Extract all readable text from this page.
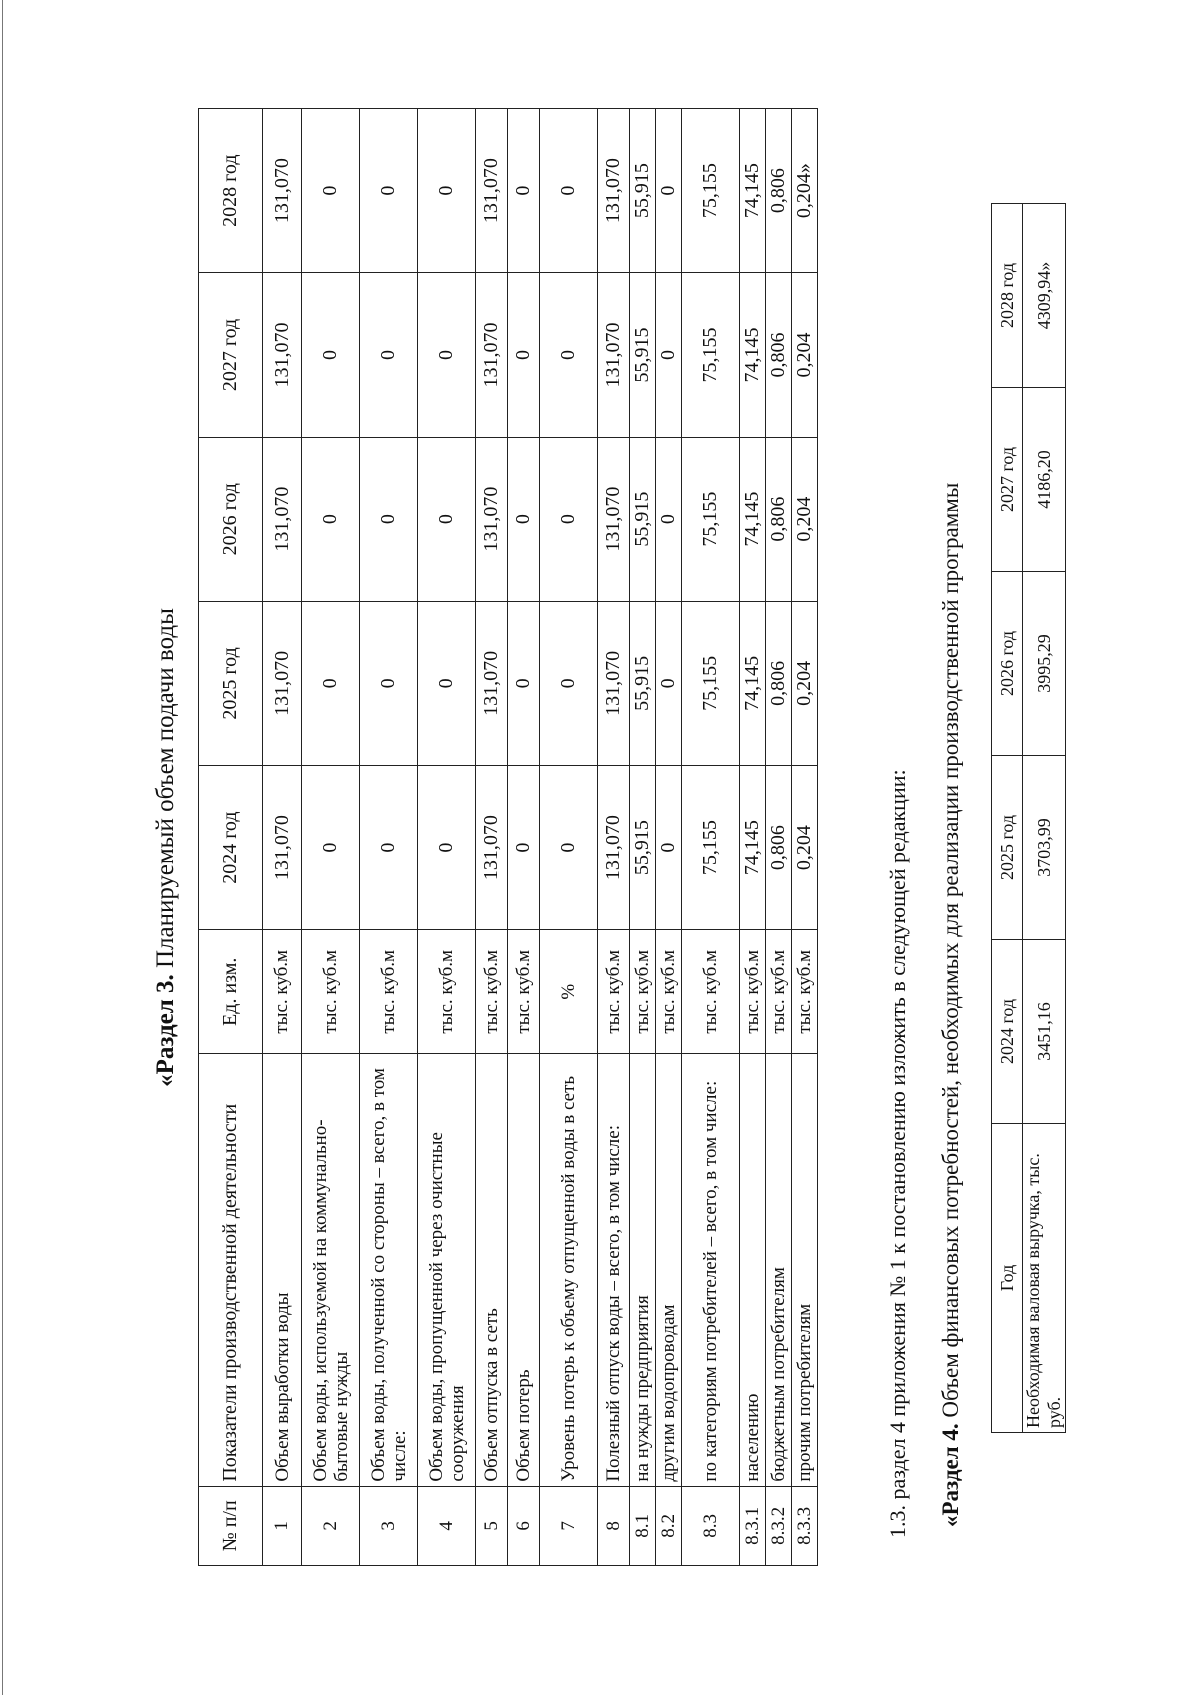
«Раздел 3. Планируемый объем подачи воды
№ п/п	Показатели производственной деятельности	Ед. изм.	2024 год	2025 год	2026 год	2027 год	2028 год
1	Объем выработки воды	тыс. куб.м	131,070	131,070	131,070	131,070	131,070
2	Объем воды, используемой на коммунально-бытовые нужды	тыс. куб.м	0	0	0	0	0
3	Объем воды, полученной со стороны – всего, в том числе:	тыс. куб.м	0	0	0	0	0
4	Объем воды, пропущенной через очистные сооружения	тыс. куб.м	0	0	0	0	0
5	Объем отпуска в сеть	тыс. куб.м	131,070	131,070	131,070	131,070	131,070
6	Объем потерь	тыс. куб.м	0	0	0	0	0
7	Уровень потерь к объему отпущенной воды в сеть	%	0	0	0	0	0
8	Полезный отпуск воды – всего, в том числе:	тыс. куб.м	131,070	131,070	131,070	131,070	131,070
8.1	на нужды предприятия	тыс. куб.м	55,915	55,915	55,915	55,915	55,915
8.2	другим водопроводам	тыс. куб.м	0	0	0	0	0
8.3	по категориям потребителей – всего, в том числе:	тыс. куб.м	75,155	75,155	75,155	75,155	75,155
8.3.1	населению	тыс. куб.м	74,145	74,145	74,145	74,145	74,145
8.3.2	бюджетным потребителям	тыс. куб.м	0,806	0,806	0,806	0,806	0,806
8.3.3	прочим потребителям	тыс. куб.м	0,204	0,204	0,204	0,204	0,204»
1.3. раздел 4 приложения № 1 к постановлению изложить в следующей редакции: «Раздел 4. Объем финансовых потребностей, необходимых для реализации производственной программы Год	2024 год	2025 год	2026 год	2027 год	2028 год
Необходимая валовая выручка, тыс. руб.	3451,16	3703,99	3995,29	4186,20	4309,94»
